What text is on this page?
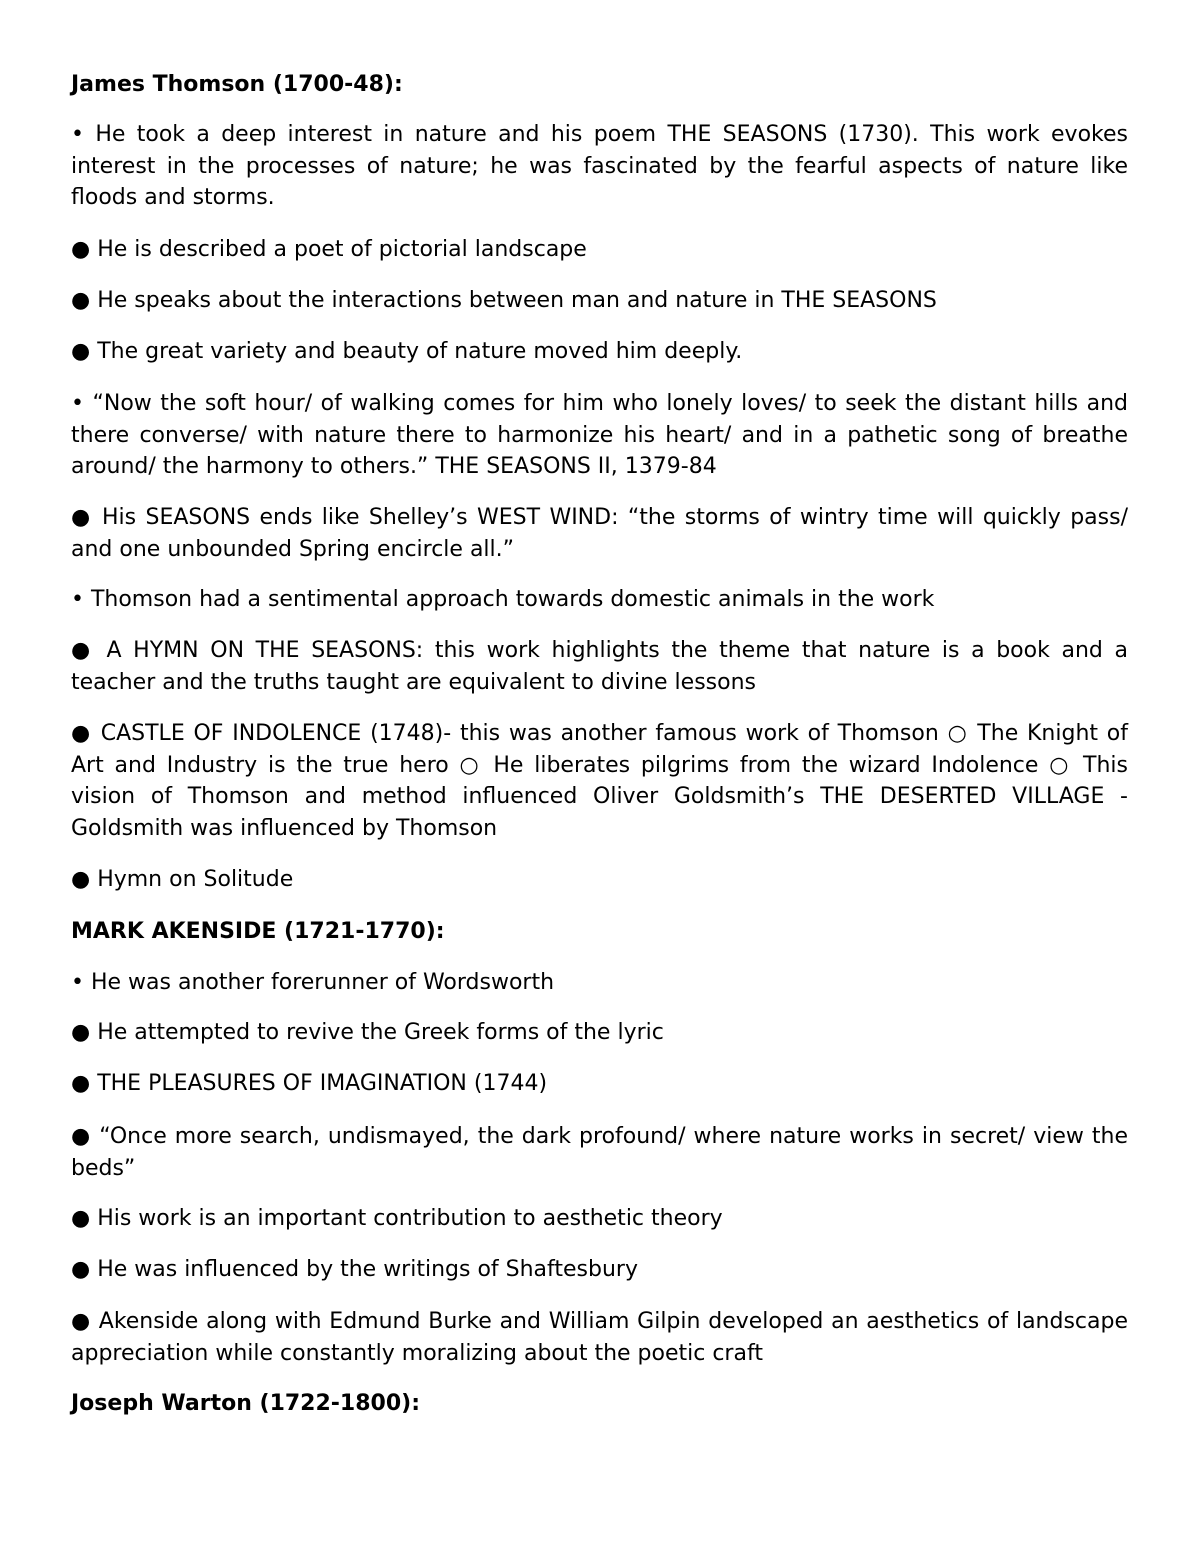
James Thomson (1700-48):

• He took a deep interest in nature and his poem THE SEASONS (1730). This work evokes interest in the processes of nature; he was fascinated by the fearful aspects of nature like floods and storms.

● He is described a poet of pictorial landscape

● He speaks about the interactions between man and nature in THE SEASONS

● The great variety and beauty of nature moved him deeply.

• “Now the soft hour/ of walking comes for him who lonely loves/ to seek the distant hills and there converse/ with nature there to harmonize his heart/ and in a pathetic song of breathe around/ the harmony to others.” THE SEASONS II, 1379-84

● His SEASONS ends like Shelley’s WEST WIND: “the storms of wintry time will quickly pass/ and one unbounded Spring encircle all.”

• Thomson had a sentimental approach towards domestic animals in the work

● A HYMN ON THE SEASONS: this work highlights the theme that nature is a book and a teacher and the truths taught are equivalent to divine lessons

● CASTLE OF INDOLENCE (1748)- this was another famous work of Thomson ○ The Knight of Art and Industry is the true hero ○ He liberates pilgrims from the wizard Indolence ○ This vision of Thomson and method influenced Oliver Goldsmith’s THE DESERTED VILLAGE - Goldsmith was influenced by Thomson

● Hymn on Solitude

MARK AKENSIDE (1721-1770):

• He was another forerunner of Wordsworth

● He attempted to revive the Greek forms of the lyric

● THE PLEASURES OF IMAGINATION (1744)

● “Once more search, undismayed, the dark profound/ where nature works in secret/ view the beds”

● His work is an important contribution to aesthetic theory

● He was influenced by the writings of Shaftesbury

● Akenside along with Edmund Burke and William Gilpin developed an aesthetics of landscape appreciation while constantly moralizing about the poetic craft

Joseph Warton (1722-1800):
